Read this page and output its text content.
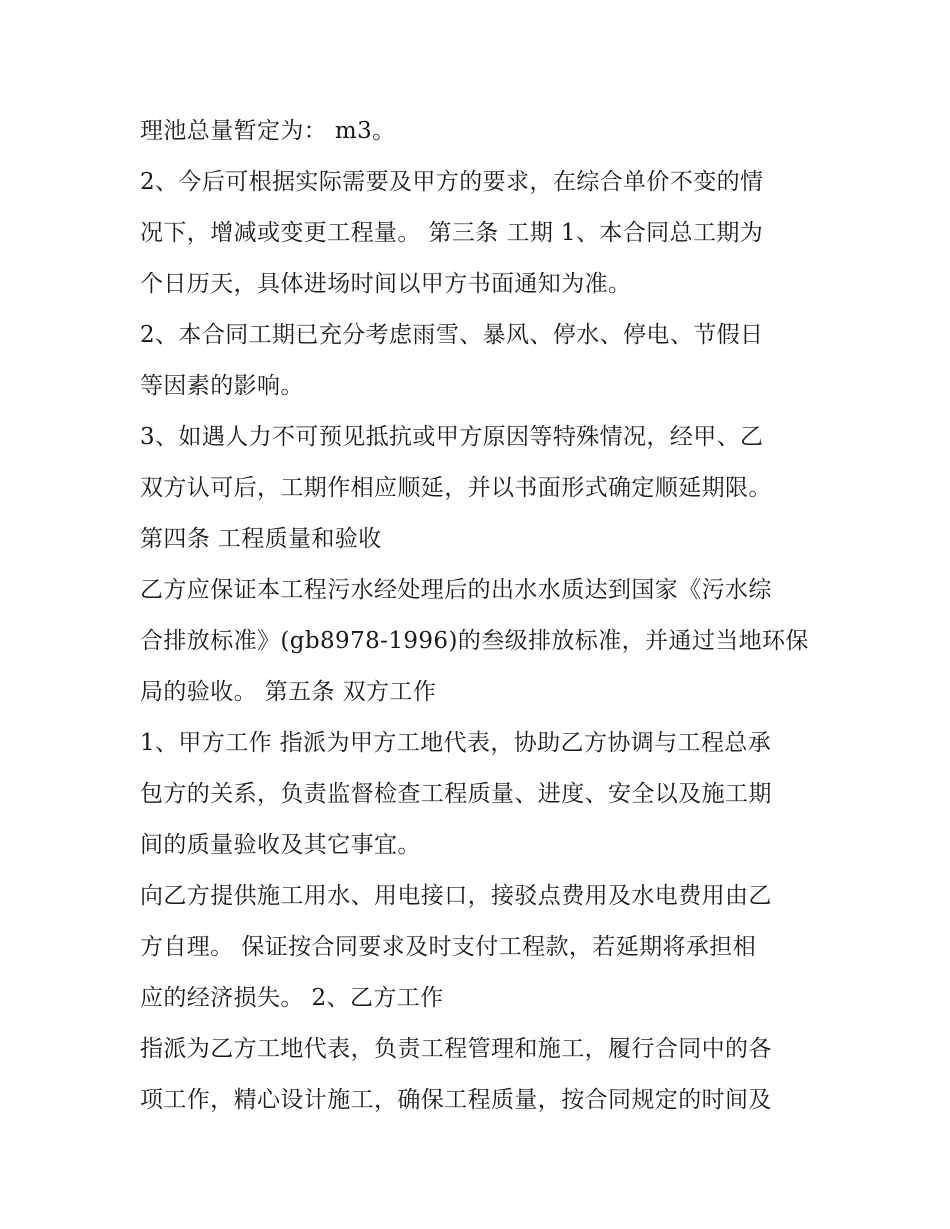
理池总量暂定为： m3。
2、今后可根据实际需要及甲方的要求，在综合单价不变的情
况下，增减或变更工程量。 第三条 工期 1、本合同总工期为
个日历天，具体进场时间以甲方书面通知为准。
2、本合同工期已充分考虑雨雪、暴风、停水、停电、节假日
等因素的影响。
3、如遇人力不可预见抵抗或甲方原因等特殊情况，经甲、乙
双方认可后，工期作相应顺延，并以书面形式确定顺延期限。
第四条 工程质量和验收
乙方应保证本工程污水经处理后的出水水质达到国家《污水综
合排放标准》(gb8978-1996)的叁级排放标准，并通过当地环保
局的验收。 第五条 双方工作
1、甲方工作 指派为甲方工地代表，协助乙方协调与工程总承
包方的关系，负责监督检查工程质量、进度、安全以及施工期
间的质量验收及其它事宜。
向乙方提供施工用水、用电接口，接驳点费用及水电费用由乙
方自理。 保证按合同要求及时支付工程款，若延期将承担相
应的经济损失。 2、乙方工作
指派为乙方工地代表，负责工程管理和施工，履行合同中的各
项工作，精心设计施工，确保工程质量，按合同规定的时间及
